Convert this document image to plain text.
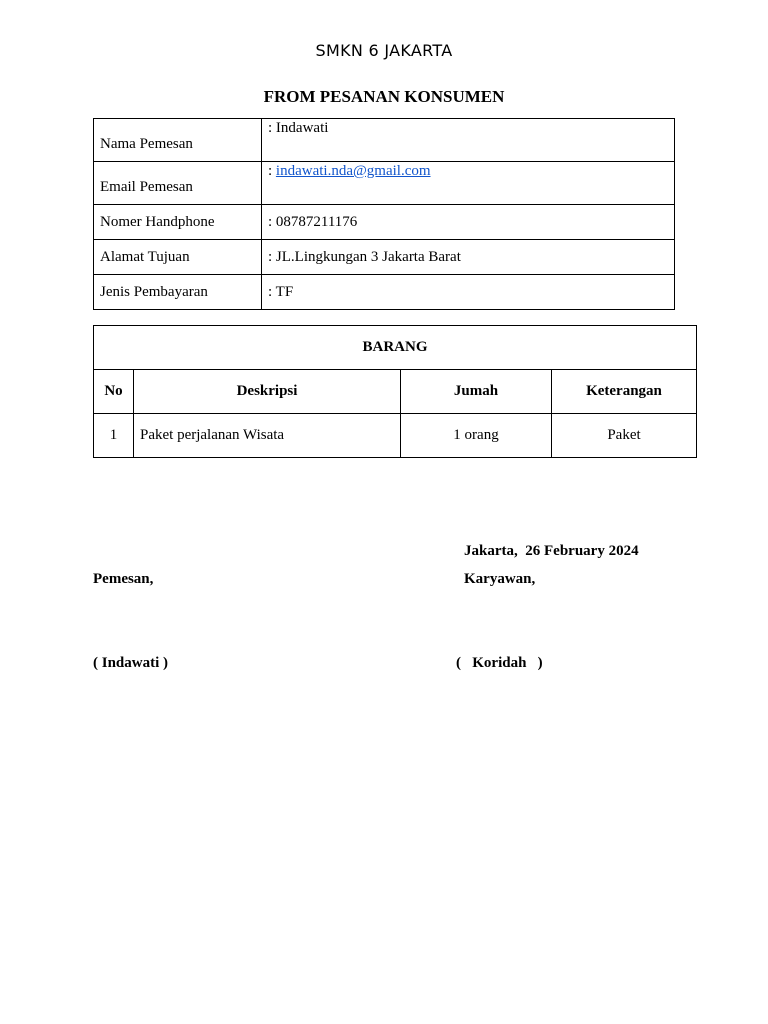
SMKN 6 JAKARTA
FROM PESANAN KONSUMEN
Nama Pemesan	: Indawati
Email Pemesan	: indawati.nda@gmail.com
Nomer Handphone	: 08787211176
Alamat Tujuan	: JL.Lingkungan 3 Jakarta Barat
Jenis Pembayaran	: TF
BARANG			
No	Deskripsi	Jumah	Keterangan
1	Paket perjalanan Wisata	1 orang	Paket
Jakarta,  26 February 2024
Pemesan,	Karyawan,
( Indawati )	(   Koridah   )
